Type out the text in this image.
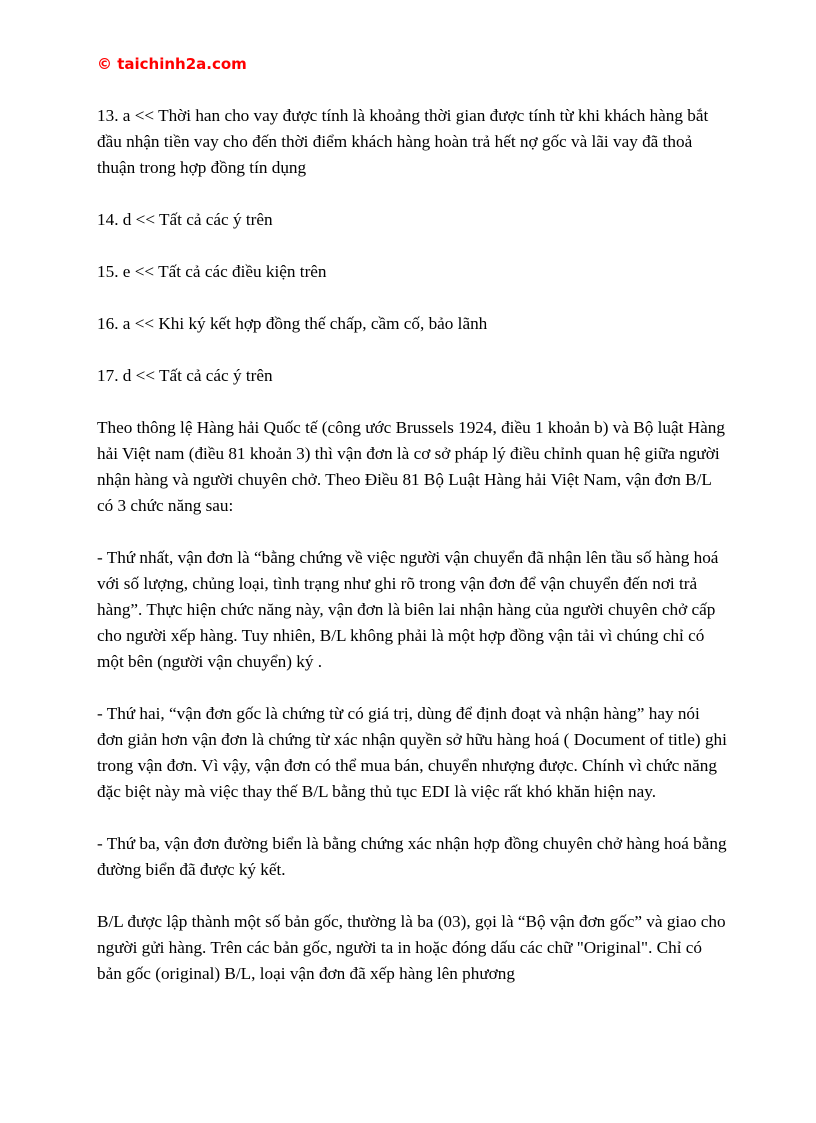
© taichinh2a.com

13. a << Thời han cho vay được tính là khoảng thời gian được tính từ khi khách hàng bắt đầu nhận tiền vay cho đến thời điểm khách hàng hoàn trả hết nợ gốc và lãi vay đã thoả thuận trong hợp đồng tín dụng

14. d << Tất cả các ý trên

15. e << Tất cả các điều kiện trên

16. a << Khi ký kết hợp đồng thế chấp, cầm cố, bảo lãnh

17. d << Tất cả các ý trên

Theo thông lệ Hàng hải Quốc tế (công ước Brussels 1924, điều 1 khoản b) và Bộ luật Hàng hải Việt nam (điều 81 khoản 3) thì vận đơn là cơ sở pháp lý điều chỉnh quan hệ giữa người nhận hàng và người chuyên chở. Theo Điều 81 Bộ Luật Hàng hải Việt Nam, vận đơn B/L có 3 chức năng sau:

- Thứ nhất, vận đơn là “bằng chứng về việc người vận chuyển đã nhận lên tầu số hàng hoá với số lượng, chủng loại, tình trạng như ghi rõ trong vận đơn để vận chuyển đến nơi trả hàng”. Thực hiện chức năng này, vận đơn là biên lai nhận hàng của người chuyên chở cấp cho người xếp hàng. Tuy nhiên, B/L không phải là một hợp đồng vận tải vì chúng chỉ có một bên (người vận chuyển) ký .

- Thứ hai, “vận đơn gốc là chứng từ có giá trị, dùng để định đoạt và nhận hàng” hay nói đơn giản hơn vận đơn là chứng từ xác nhận quyền sở hữu hàng hoá ( Document of title) ghi trong vận đơn. Vì vậy, vận đơn có thể mua bán, chuyển nhượng được. Chính vì chức năng đặc biệt này mà việc thay thế B/L bằng thủ tục EDI là việc rất khó khăn hiện nay.

- Thứ ba, vận đơn đường biển là bằng chứng xác nhận hợp đồng chuyên chở hàng hoá bằng đường biển đã được ký kết.

B/L được lập thành một số bản gốc, thường là ba (03), gọi là “Bộ vận đơn gốc” và giao cho người gửi hàng. Trên các bản gốc, người ta in hoặc đóng dấu các chữ "Original". Chỉ có bản gốc (original) B/L, loại vận đơn đã xếp hàng lên phương
